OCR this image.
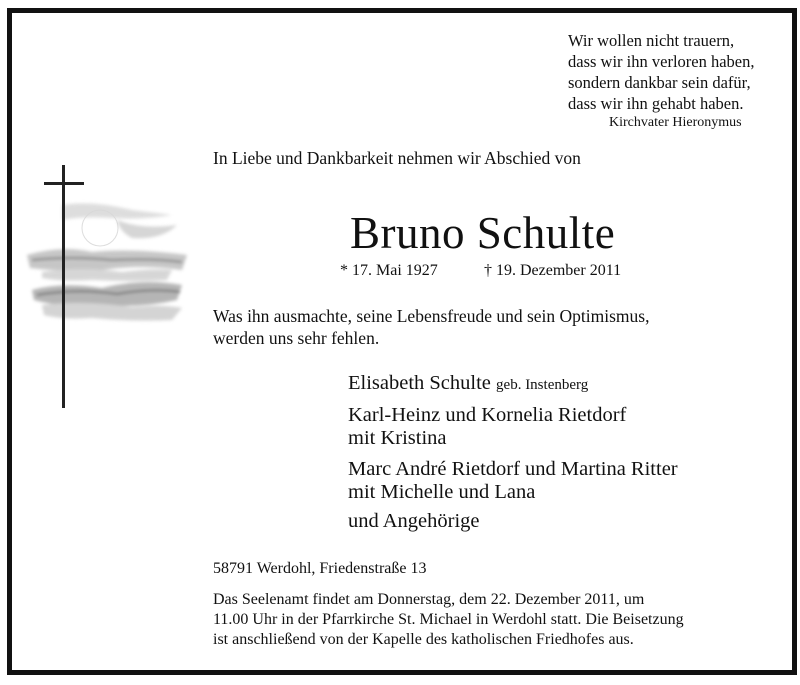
Wir wollen nicht trauern,
dass wir ihn verloren haben,
sondern dankbar sein dafür,
dass wir ihn gehabt haben.
Kirchvater Hieronymus
In Liebe und Dankbarkeit nehmen wir Abschied von
Bruno Schulte
* 17. Mai 1927	† 19. Dezember 2011
Was ihn ausmachte, seine Lebensfreude und sein Optimismus,
werden uns sehr fehlen.
Elisabeth Schulte geb. Instenberg
Karl-Heinz und Kornelia Rietdorf
mit Kristina
Marc André Rietdorf und Martina Ritter
mit Michelle und Lana
und Angehörige
58791 Werdohl, Friedenstraße 13
Das Seelenamt findet am Donnerstag, dem 22. Dezember 2011, um
11.00 Uhr in der Pfarrkirche St. Michael in Werdohl statt. Die Beisetzung
ist anschließend von der Kapelle des katholischen Friedhofes aus.
